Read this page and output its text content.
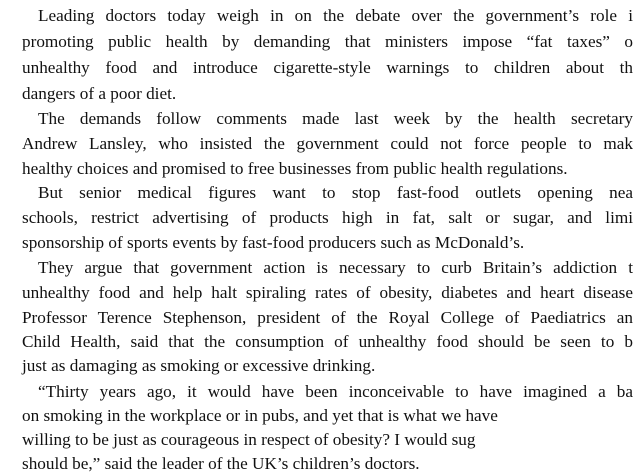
Leading doctors today weigh in on the debate over the government’s role i
promoting public health by demanding that ministers impose “fat taxes” o
unhealthy food and introduce cigarette-style warnings to children about th
dangers of a poor diet.
The demands follow comments made last week by the health secretary
Andrew Lansley, who insisted the government could not force people to mak
healthy choices and promised to free businesses from public health regulations.
But senior medical figures want to stop fast-food outlets opening nea
schools, restrict advertising of products high in fat, salt or sugar, and limi
sponsorship of sports events by fast-food producers such as McDonald’s.
They argue that government action is necessary to curb Britain’s addiction t
unhealthy food and help halt spiraling rates of obesity, diabetes and heart disease
Professor Terence Stephenson, president of the Royal College of Paediatrics an
Child Health, said that the consumption of unhealthy food should be seen to b
just as damaging as smoking or excessive drinking.
“Thirty years ago, it would have been inconceivable to have imagined a ba
on smoking in the workplace or in pubs, and yet that is what we have
willing to be just as courageous in respect of obesity? I would sug
should be,” said the leader of the UK’s children’s doctors.
